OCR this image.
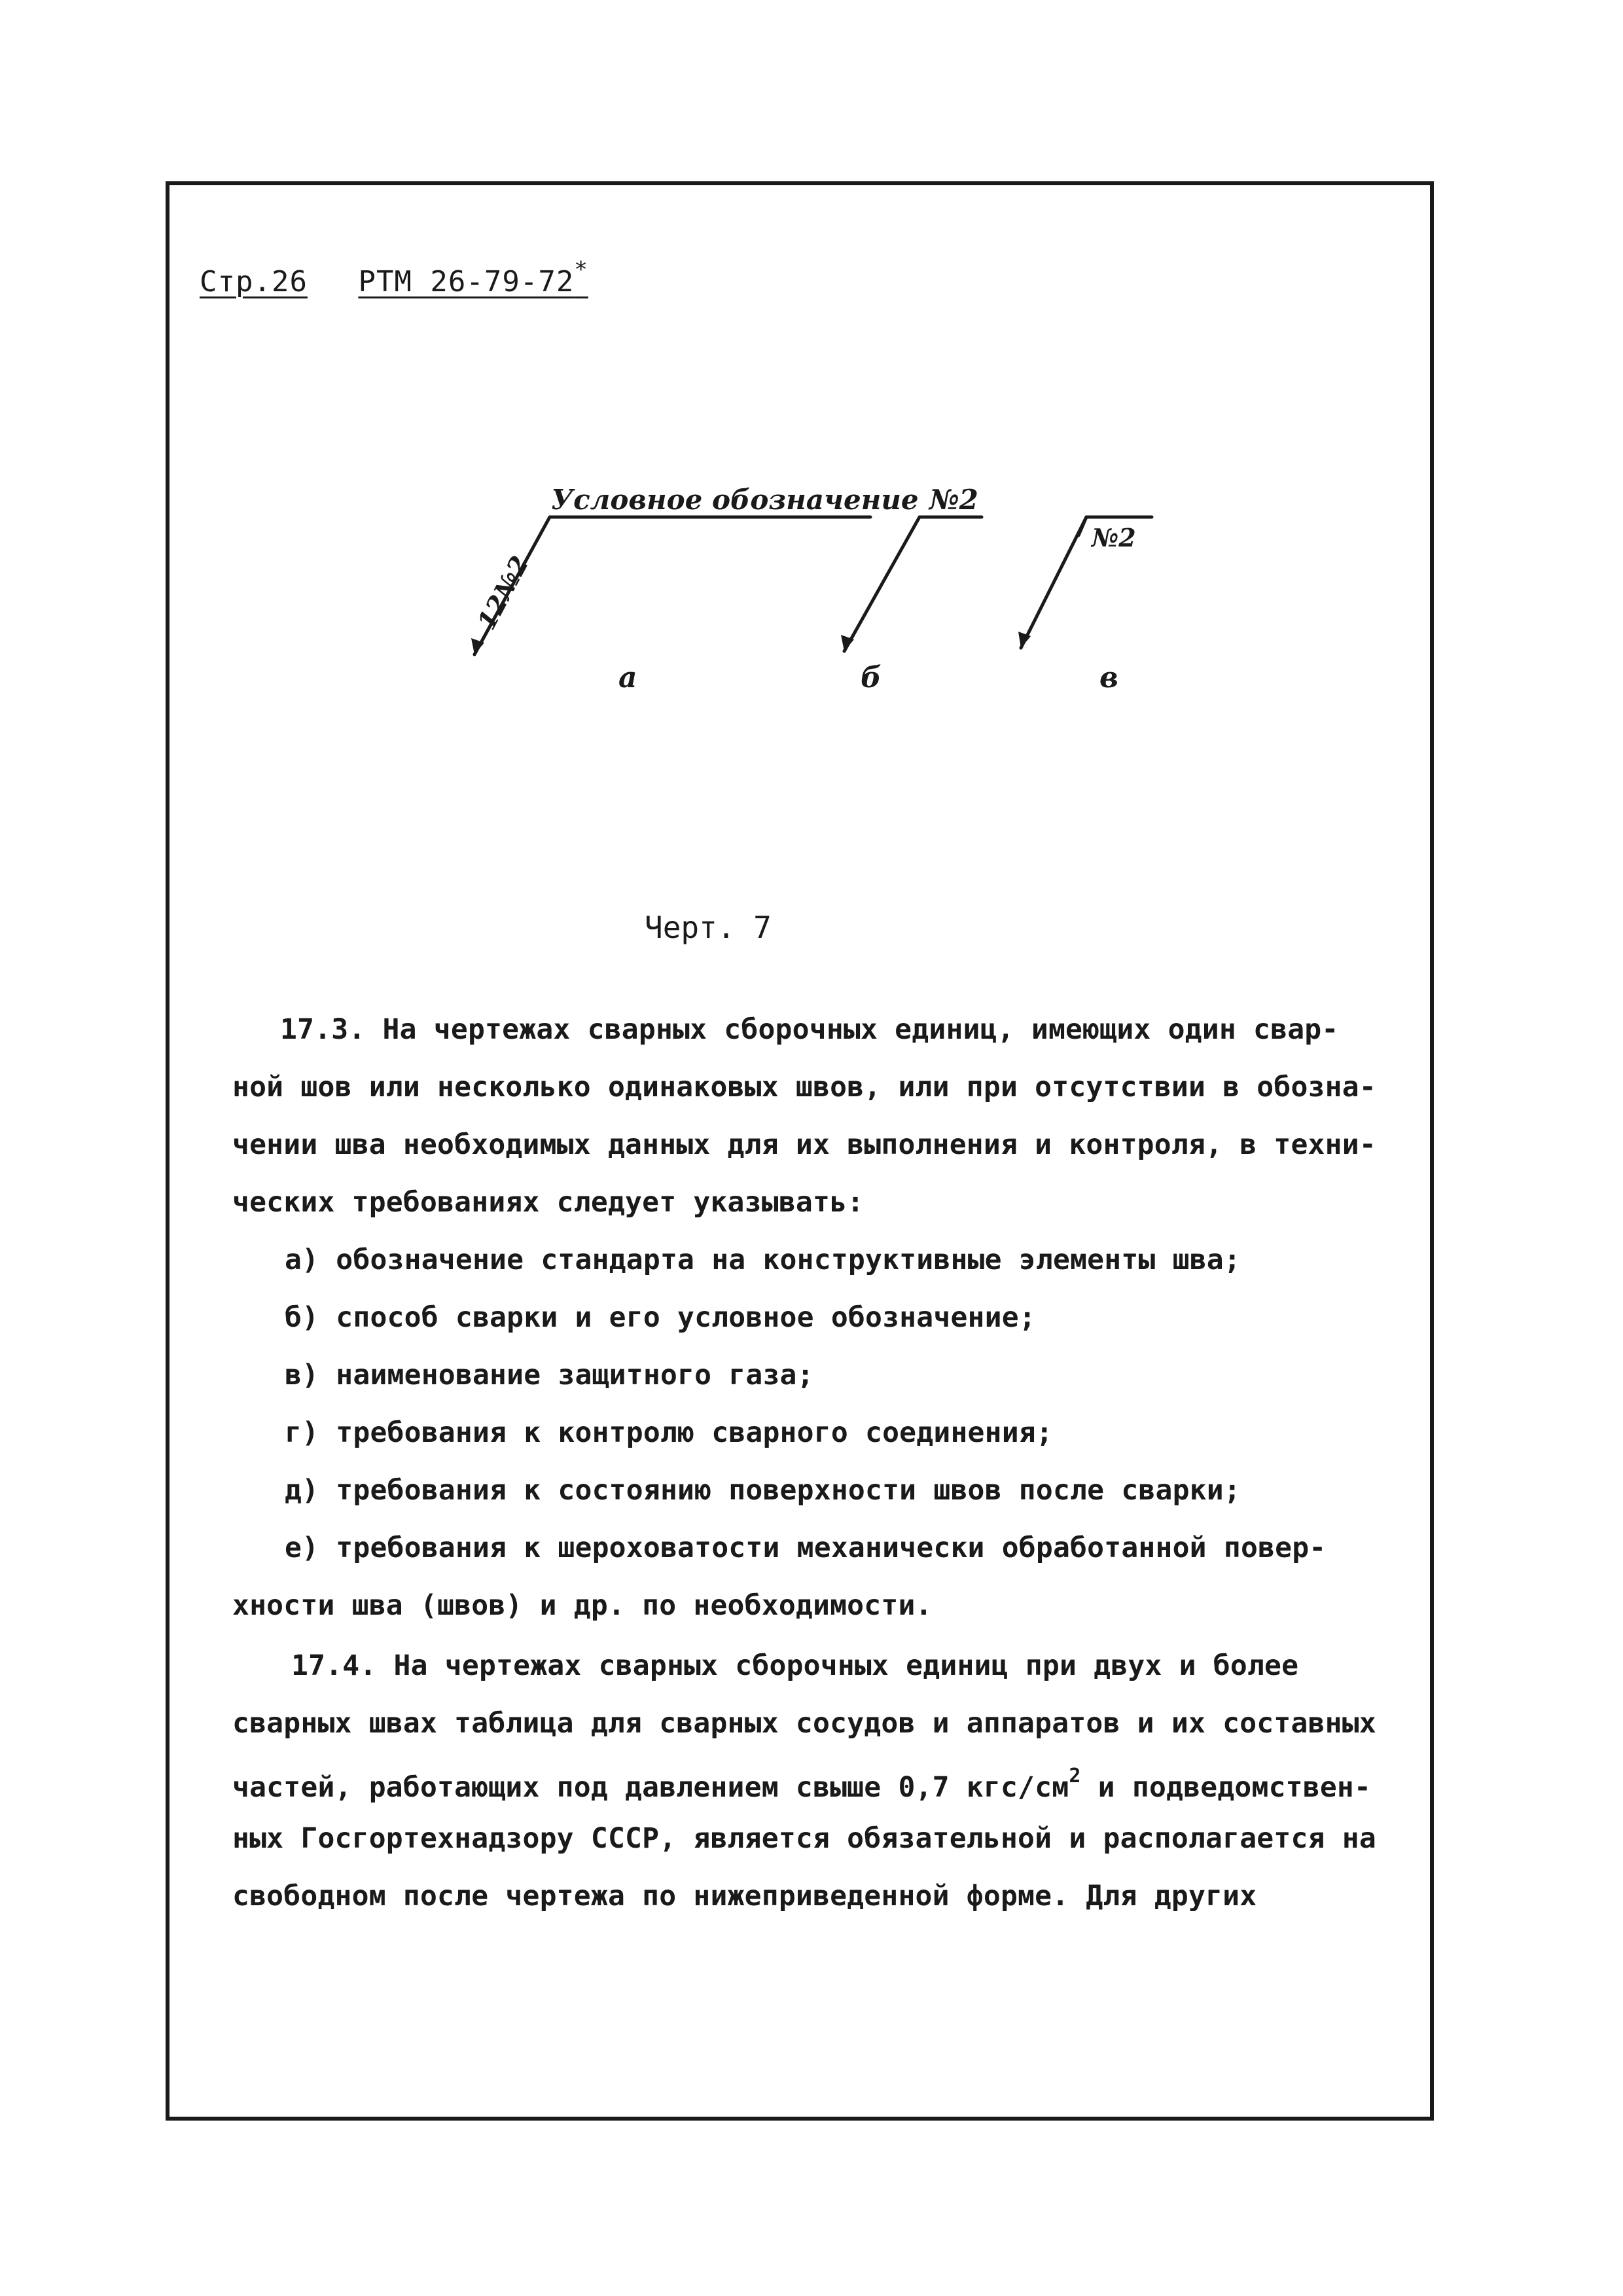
Стр.26 РТМ 26-79-72*
Условное обозначение №2
№2
12№2
а	б	в
Черт. 7
17.3. На чертежах сварных сборочных единиц, имеющих один свар-
ной шов или несколько одинаковых швов, или при отсутствии в обозна-
чении шва необходимых данных для их выполнения и контроля, в техни-
ческих требованиях следует указывать:
а) обозначение стандарта на конструктивные элементы шва;
б) способ сварки и его условное обозначение;
в) наименование защитного газа;
г) требования к контролю сварного соединения;
д) требования к состоянию поверхности швов после сварки;
е) требования к шероховатости механически обработанной повер-
хности шва (швов) и др. по необходимости.
17.4. На чертежах сварных сборочных единиц при двух и более
сварных швах таблица для сварных сосудов и аппаратов и их составных
частей, работающих под давлением свыше 0,7 кгс/$см^2$ и подведомствен-
ных Госгортехнадзору СССР, является обязательной и располагается на
свободном после чертежа по нижеприведенной форме. Для других
